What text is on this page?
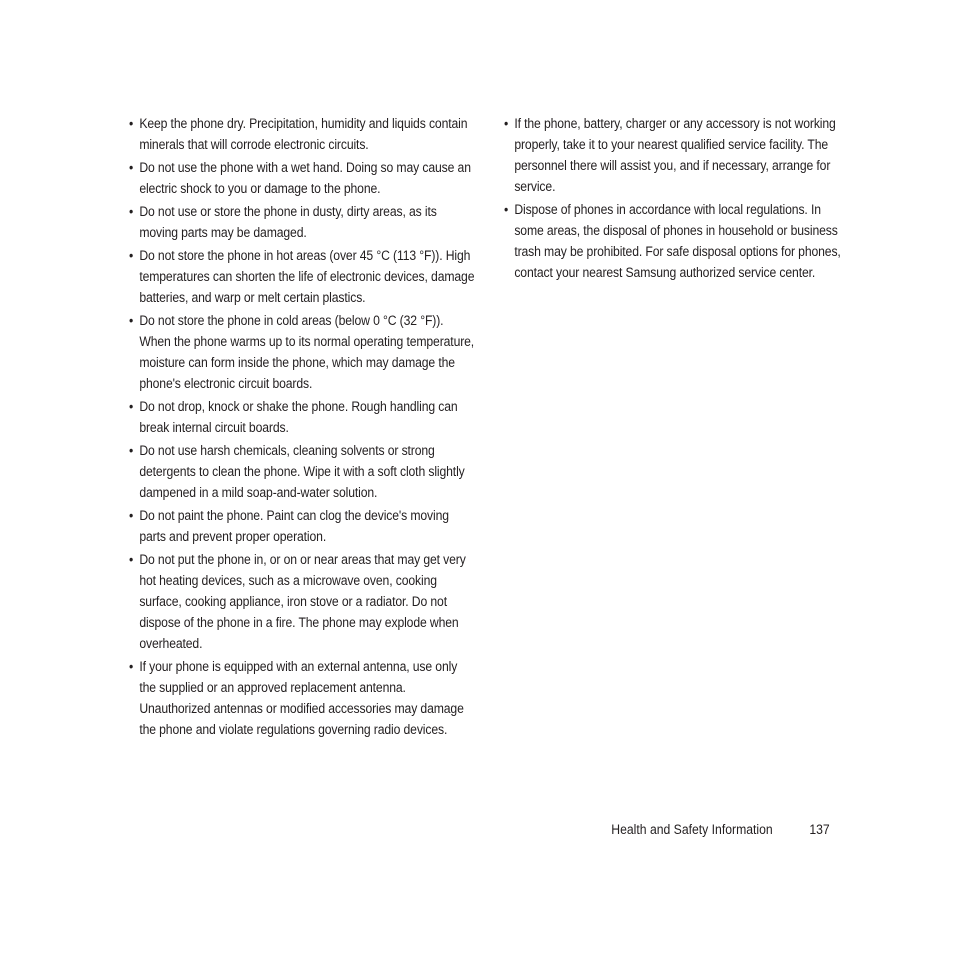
• Keep the phone dry. Precipitation, humidity and liquids contain minerals that will corrode electronic circuits.
• Do not use the phone with a wet hand. Doing so may cause an electric shock to you or damage to the phone.
• Do not use or store the phone in dusty, dirty areas, as its moving parts may be damaged.
• Do not store the phone in hot areas (over 45 °C (113 °F)). High temperatures can shorten the life of electronic devices, damage batteries, and warp or melt certain plastics.
• Do not store the phone in cold areas (below 0 °C (32 °F)). When the phone warms up to its normal operating temperature, moisture can form inside the phone, which may damage the phone's electronic circuit boards.
• Do not drop, knock or shake the phone. Rough handling can break internal circuit boards.
• Do not use harsh chemicals, cleaning solvents or strong detergents to clean the phone. Wipe it with a soft cloth slightly dampened in a mild soap-and-water solution.
• Do not paint the phone. Paint can clog the device's moving parts and prevent proper operation.
• Do not put the phone in, or on or near areas that may get very hot heating devices, such as a microwave oven, cooking surface, cooking appliance, iron stove or a radiator. Do not dispose of the phone in a fire. The phone may explode when overheated.
• If your phone is equipped with an external antenna, use only the supplied or an approved replacement antenna. Unauthorized antennas or modified accessories may damage the phone and violate regulations governing radio devices.
• If the phone, battery, charger or any accessory is not working properly, take it to your nearest qualified service facility. The personnel there will assist you, and if necessary, arrange for service.
• Dispose of phones in accordance with local regulations. In some areas, the disposal of phones in household or business trash may be prohibited. For safe disposal options for phones, contact your nearest Samsung authorized service center.
Health and Safety Information	137
